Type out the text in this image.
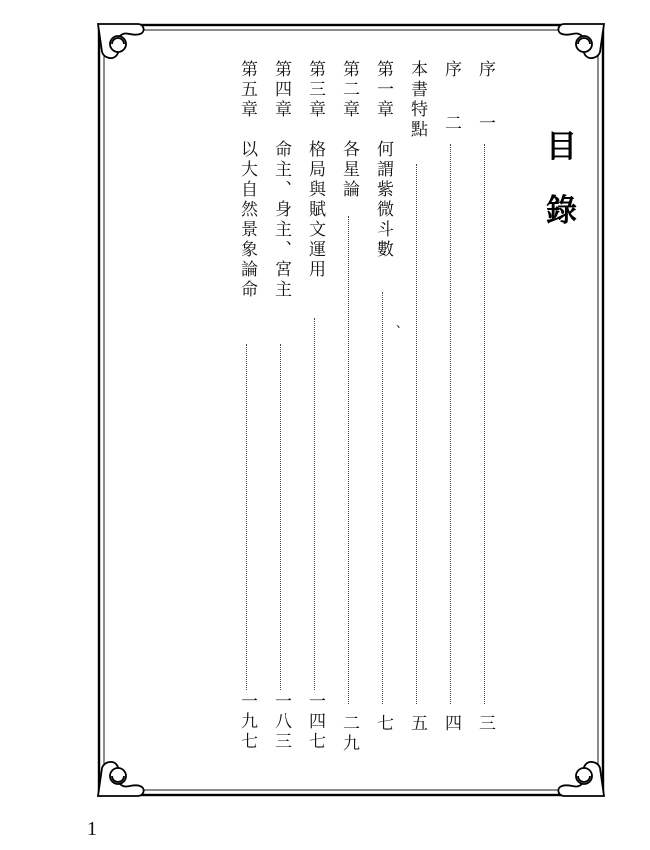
目
錄
序
一
三
序
二
四
本書特點
五
第一章
何謂紫微斗數
七
、
第二章
各星論
二九
第三章
格局與賦文運用
一四七
第四章
命主、身主、宮主
一八三
第五章
以大自然景象論命
一九七
1
